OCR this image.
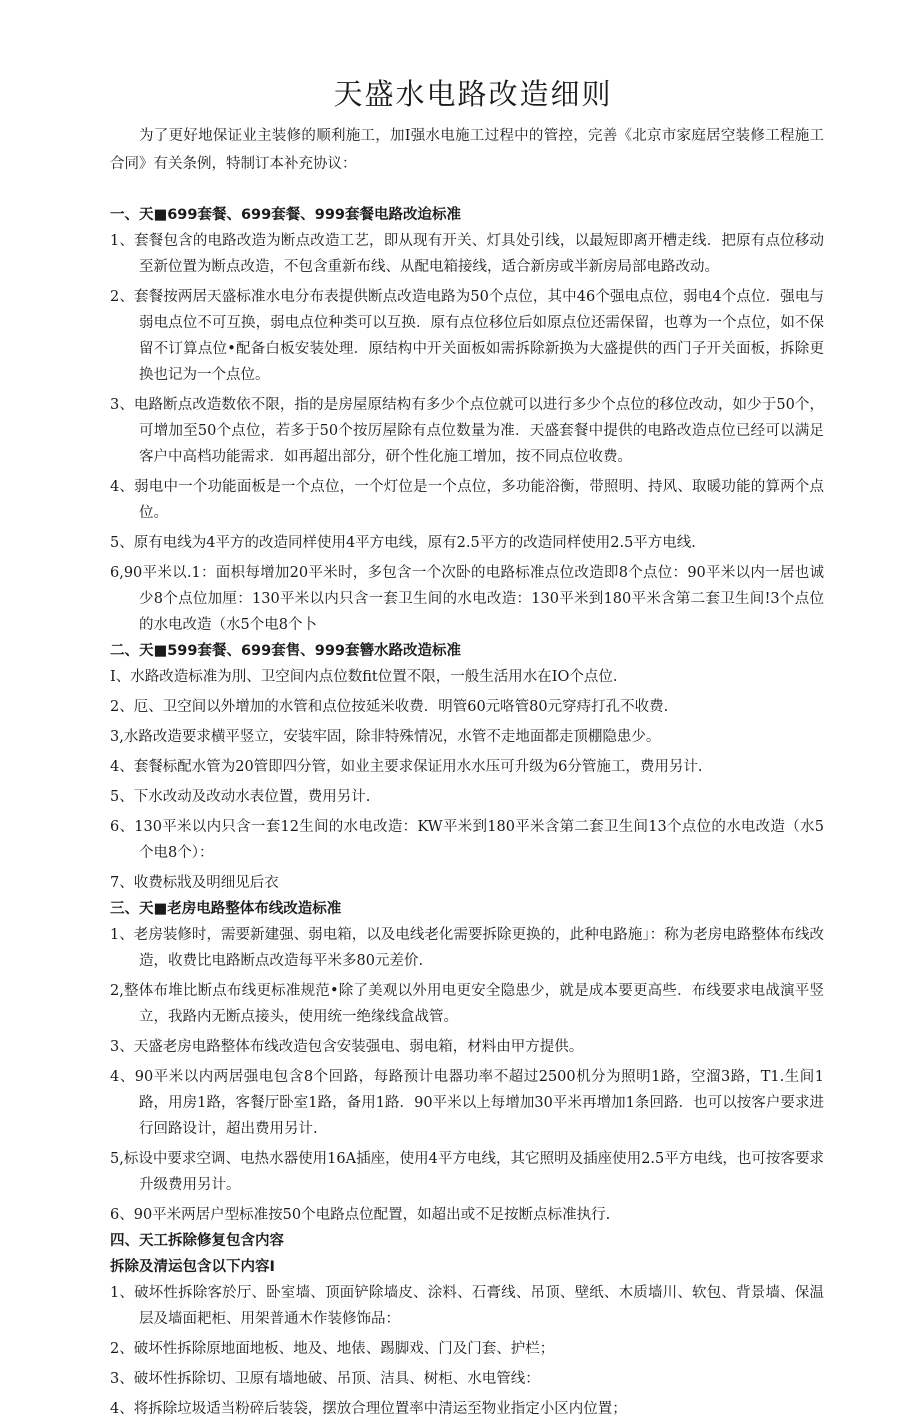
天盛水电路改造细则

为了更好地保证业主装修的顺利施工，加I强水电施工过程中的管控，完善《北京市家庭居空装修工程施工合同》有关条例，特制订本补充协议：

一、天■699套餐、699套餐、999套餐电路改迨标准

1、套餐包含的电路改造为断点改造工艺，即从现有开关、灯具处引线，以最短即离开槽走线．把原有点位移动至新位置为断点改造，不包含重新布线、从配电箱接线，适合新房或半新房局部电路改动。

2、套餐按两居天盛标准水电分布表提供断点改造电路为50个点位，其中46个强电点位，弱电4个点位．强电与弱电点位不可互换，弱电点位种类可以互换．原有点位移位后如原点位还需保留，也尊为一个点位，如不保留不订算点位•配备白板安装处理．原结构中开关面板如需拆除新换为大盛提供的西门子开关面板，拆除更换也记为一个点位。

3、电路断点改造数依不限，指的是房屋原结构有多少个点位就可以进行多少个点位的移位改动，如少于50个，可增加至50个点位，若多于50个按厉屋除有点位数量为准．天盛套餐中提供的电路改造点位已经可以满足客户中高档功能需求．如再超出部分，研个性化施工增加，按不同点位收费。

4、弱电中一个功能面板是一个点位，一个灯位是一个点位，多功能浴衡，带照明、持风、取暖功能的算两个点位。

5、原有电线为4平方的改造同样使用4平方电线，原有2.5平方的改造同样使用2.5平方电线.

6,90平米以.1：面枳每增加20平米时，多包含一个次卧的电路标准点位改造即8个点位：90平米以内一居也诚少8个点位加厘：130平米以内只含一套卫生间的水电改造：130平米到180平米含第二套卫生间!3个点位的水电改造（水5个电8个卜

二、天■599套餐、699套售、999套簪水路改造标准

I、水路改造标准为刖、卫空间内点位数fit位置不限，一般生活用水在IO个点位.

2、厄、卫空间以外增加的水管和点位按延米收费．明管60元咯管80元穿痔打孔不收费.

3,水路改造要求横平竖立，安装牢固，除非特殊情况，水管不走地面都走顶棚隐患少。

4、套餐标配水管为20管即四分管，如业主要求保证用水水压可升级为6分管施工，费用另计.

5、下水改动及改动水表位置，费用另计.

6、130平米以内只含一套12生间的水电改造：KW平米到180平米含第二套卫生间13个点位的水电改造（水5个电8个）：

7、收费标戕及明细见后衣

三、天■老房电路整体布线改造标准

1、老房装修时，需要新建强、弱电箱，以及电线老化需要拆除更换的，此种电路施」：称为老房电路整体布线改造，收费比电路断点改造每平米多80元差价.

2,整体布堆比断点布线更标准规范•除了美观以外用电更安全隐患少，就是成本要更高些．布线要求电战演平竖立，我路内无断点接头，使用统一绝缘线盒战管。

3、天盛老房电路整体布线改造包含安装强电、弱电箱，材料由甲方提供。

4、90平米以内两居强电包含8个回路，每路预计电器功率不超过2500机分为照明1路，空溜3路，T1.生间1路，用房1路，客餐厅卧室1路，备用1路．90平米以上每增加30平米再增加1条回路．也可以按客户要求进行回路设计，超出费用另计.

5,标设中要求空调、电热水器使用16A插座，使用4平方电线，其它照明及插座使用2.5平方电线，也可按客要求升级费用另计。

6、90平米两居户型标准按50个电路点位配置，如超出或不足按断点标准执行.

四、天工拆除修复包含内容

拆除及清运包含以下内容I

1、破坏性拆除客於厅、卧室墙、顶面铲除墙皮、涂料、石膏线、吊顶、壁纸、木质墙川、软包、背景墙、保温层及墙面耙柜、用架普通木作装修饰品：

2、破坏性拆除原地面地板、地及、地俵、踢脚戏、门及门套、护栏；

3、破坏性拆除切、卫原有墙地破、吊顶、洁具、树柜、水电管线：

4、将拆除垃圾适当粉碎后装袋，摆放合理位置率中清运至物业指定小区内位置；
